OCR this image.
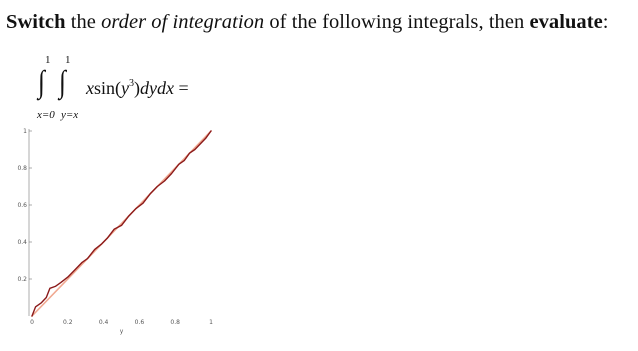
Switch the order of integration of the following integrals, then evaluate:
1 1
∫ ∫
x=0 y=x
$xsin(y^3)dydx$ =
0	0.2	0.4	0.6	0.8	1
0.2
0.4
0.6
0.8
1
y
